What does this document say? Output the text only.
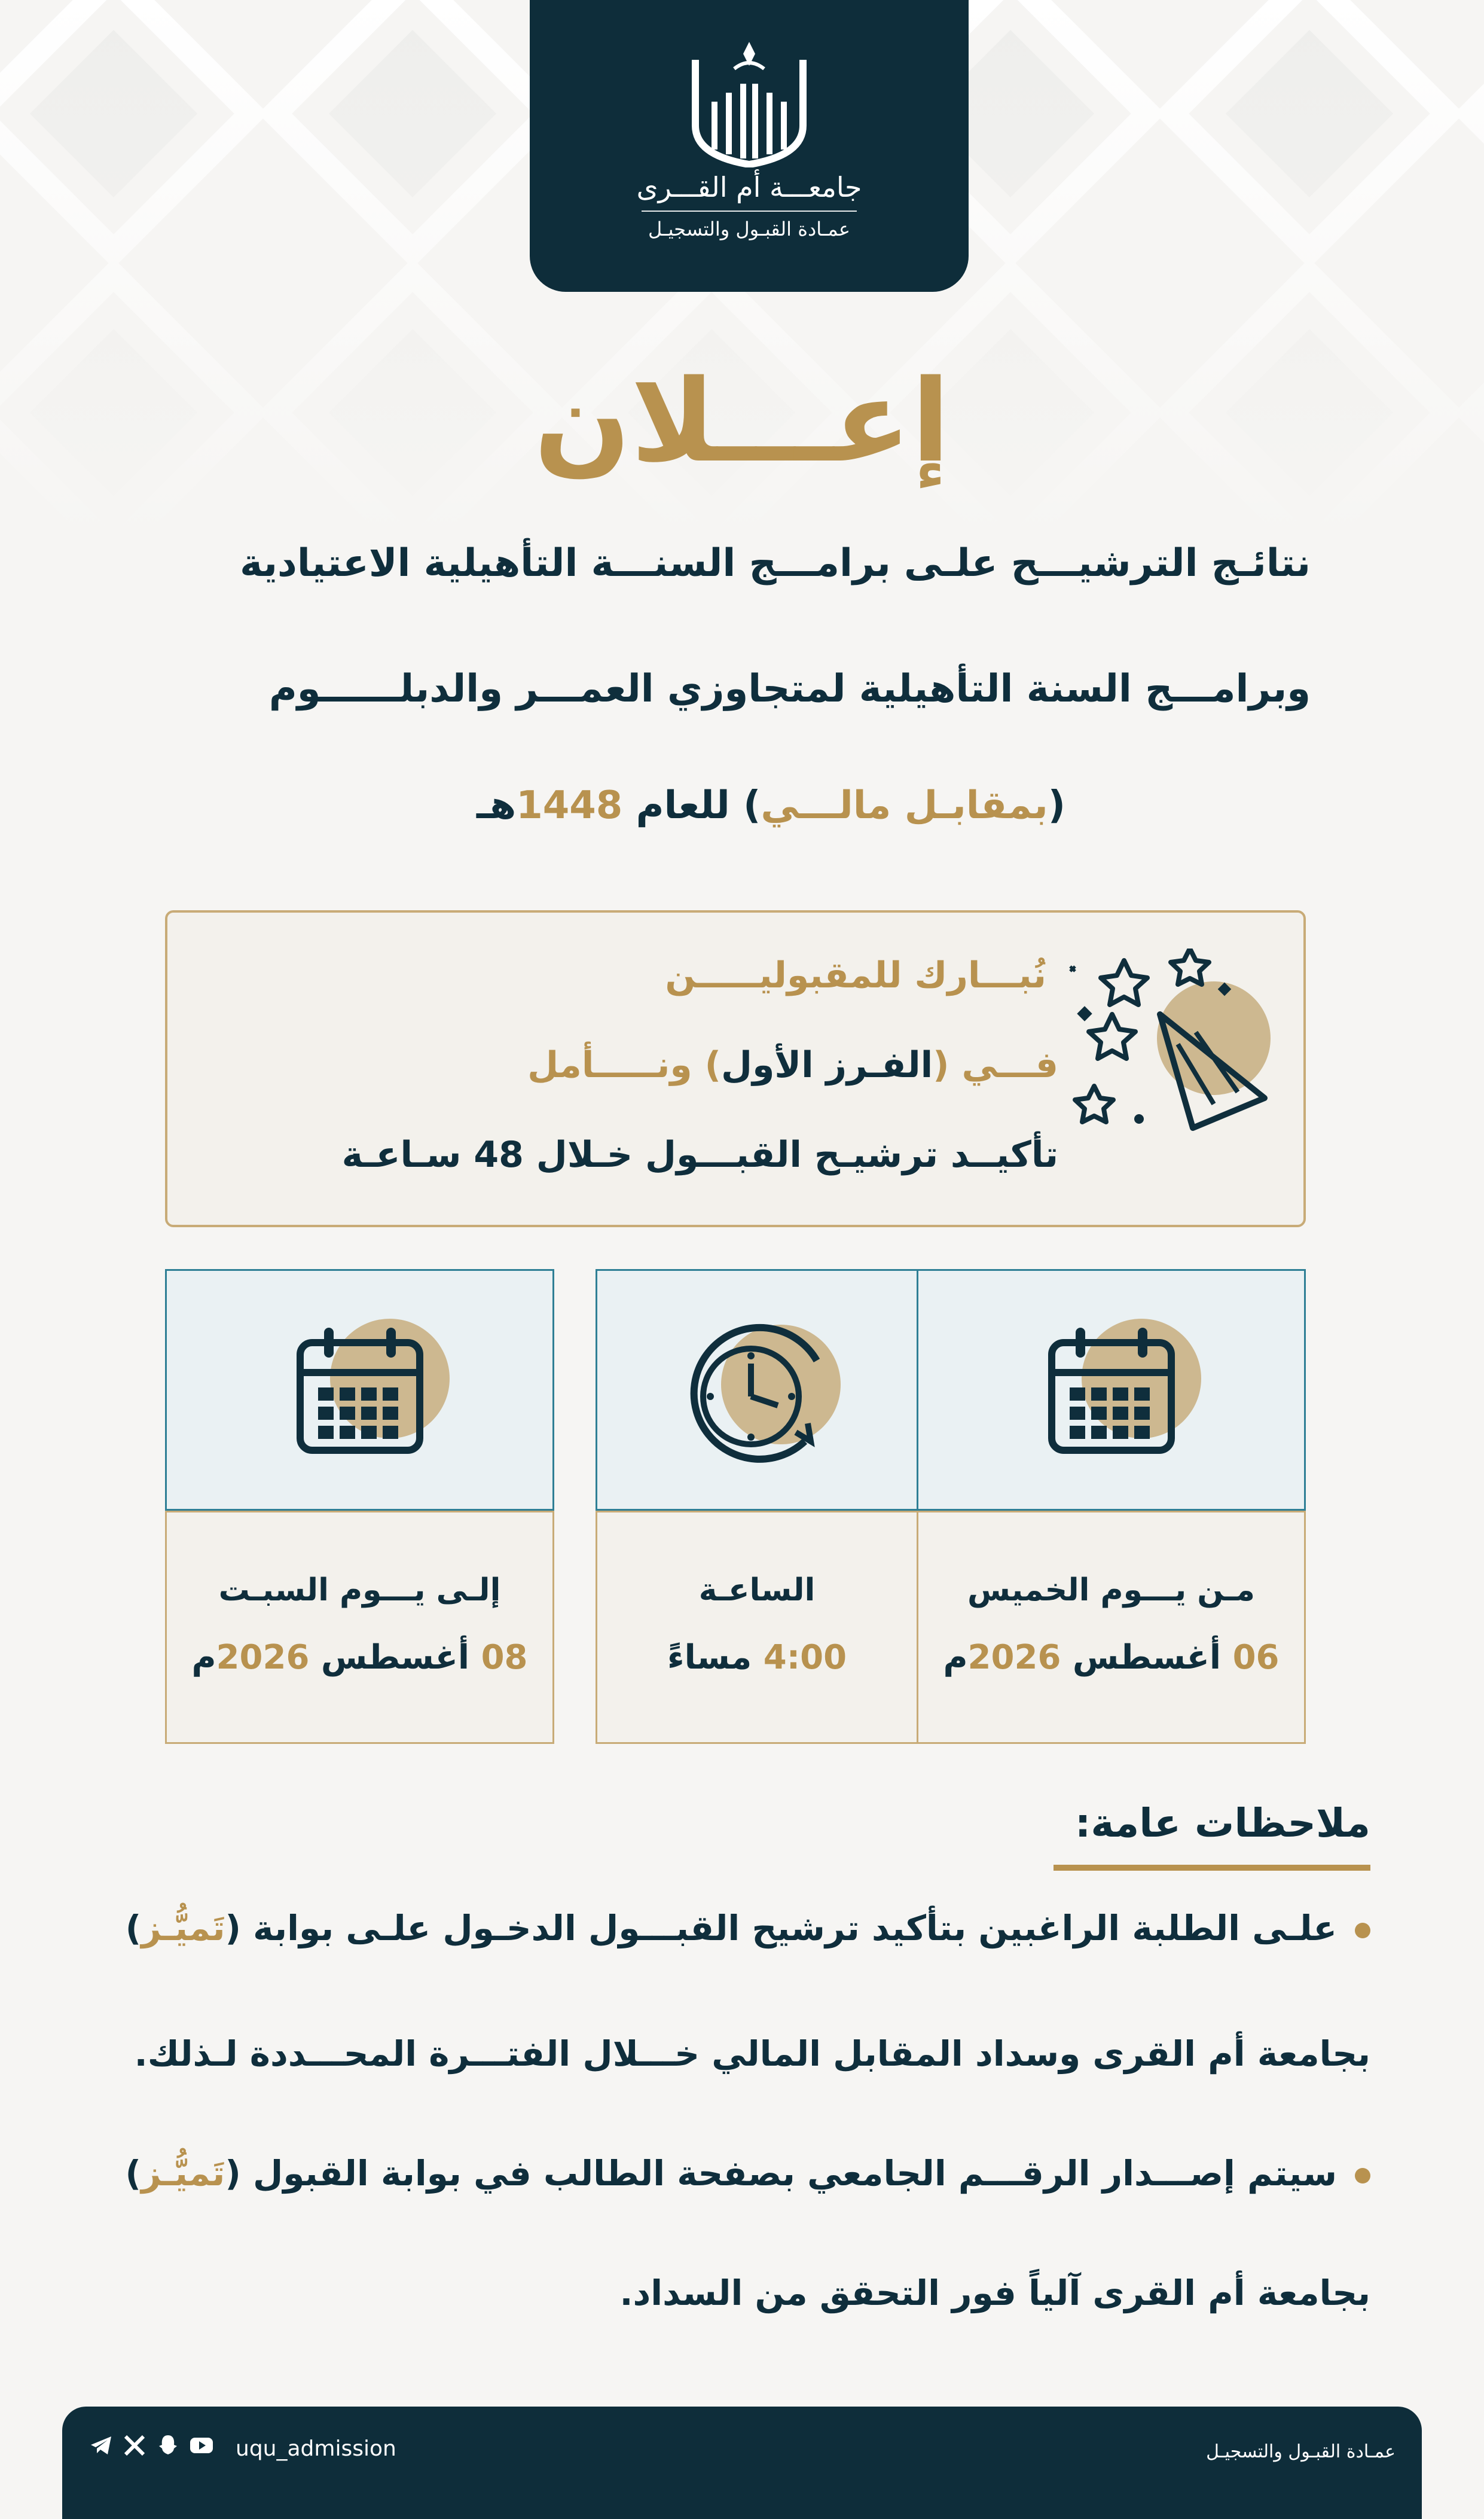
جامعـــة أم القـــرى
عمـادة القبـول والتسجيـل
إعـــلان
نتائـج الترشيـــح علـى برامـــج السنـــة التأهيلية الاعتيادية
وبرامـــج السنة التأهيلية لمتجاوزي العمـــر والدبلــــــوم
(بمقابـل مالـــي) للعام 1448هـ
نُبـــارك للمقبوليـــــن
فـــي (الفـرز الأول) ونـــــأمل
تأكيــد ترشيـح القبـــول خـلال 48 سـاعـة
مـن يـــوم الخميس
06 أغسطس 2026م
الساعـة
4:00 مساءً
إلـى يـــوم السبـت
08 أغسطس 2026م
ملاحظات عامة:
علـى الطلبة الراغبين بتأكيد ترشيح القبـــول الدخـول علـى بوابة (تَميُّـز)
بجامعة أم القرى وسداد المقابل المالي خـــلال الفتـــرة المحـــددة لـذلك.
سيتم إصـــدار الرقـــم الجامعي بصفحة الطالب في بوابة القبول (تَميُّـز)
بجامعة أم القرى آلياً فور التحقق من السداد.
uqu_admission	عمـادة القبـول والتسجيـل
